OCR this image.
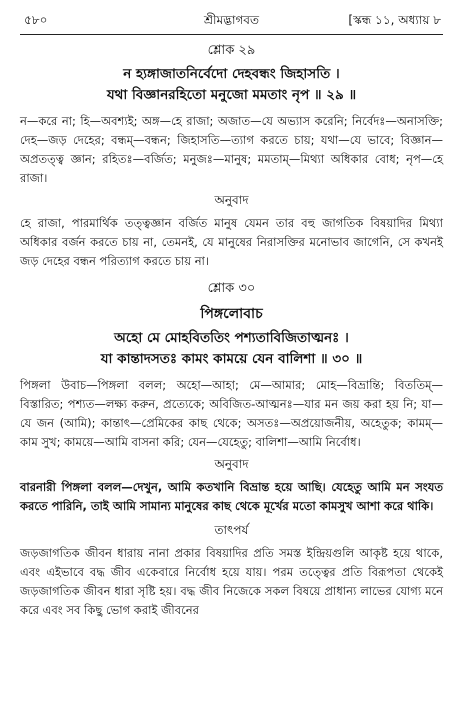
৫৮০	শ্রীমদ্ভাগবত	[স্কন্ধ ১১, অধ্যায় ৮
শ্লোক ২৯
ন হ্যঙ্গাজাতনির্বেদো দেহবন্ধং জিহাসতি ।
যথা বিজ্ঞানরহিতো মনুজো মমতাং নৃপ ॥ ২৯ ॥
ন—করে না; হি—অবশ্যই; অঙ্গ—হে রাজা; অজাত—যে অভ্যাস করেনি; নির্বেদঃ—অনাসক্তি; দেহ—জড় দেহের; বন্ধম্—বন্ধন; জিহাসতি—ত্যাগ করতে চায়; যথা—যে ভাবে; বিজ্ঞান—অপ্রতত্ত্ব জ্ঞান; রহিতঃ—বর্জিত; মনুজঃ—মানুষ; মমতাম্—মিথ্যা অধিকার বোধ; নৃপ—হে রাজা।
অনুবাদ
হে রাজা, পারমার্থিক তত্ত্বজ্ঞান বর্জিত মানুষ যেমন তার বহু জাগতিক বিষয়াদির মিথ্যা অধিকার বর্জন করতে চায় না, তেমনই, যে মানুষের নিরাসক্তির মনোভাব জাগেনি, সে কখনই জড় দেহের বন্ধন পরিত্যাগ করতে চায় না।
শ্লোক ৩০
পিঙ্গলোবাচ
অহো মে মোহবিততিং পশ্যতাবিজিতাত্মনঃ ।
যা কান্তাদসতঃ কামং কাময়ে যেন বালিশা ॥ ৩০ ॥
পিঙ্গলা উবাচ—পিঙ্গলা বলল; অহো—আহা; মে—আমার; মোহ—বিভ্রান্তি; বিততিম্—বিস্তারিত; পশ্যত—লক্ষ্য করুন, প্রত্যেকে; অবিজিত-আত্মনঃ—যার মন জয় করা হয় নি; যা—যে জন (আমি); কান্তাৎ—প্রেমিকের কাছ থেকে; অসতঃ—অপ্রয়োজনীয়, অহেতুক; কামম্—কাম সুখ; কাময়ে—আমি বাসনা করি; যেন—যেহেতু; বালিশা—আমি নির্বোধ।
অনুবাদ
বারনারী পিঙ্গলা বলল—দেখুন, আমি কতখানি বিভ্রান্ত হয়ে আছি। যেহেতু আমি মন সংযত করতে পারিনি, তাই আমি সামান্য মানুষের কাছ থেকে মূর্খের মতো কামসুখ আশা করে থাকি।
তাৎপর্য
জড়জাগতিক জীবন ধারায় নানা প্রকার বিষয়াদির প্রতি সমস্ত ইন্দ্রিয়গুলি আকৃষ্ট হয়ে থাকে, এবং এইভাবে বদ্ধ জীব একেবারে নির্বোধ হয়ে যায়। পরম তত্ত্বের প্রতি বিরূপতা থেকেই জড়জাগতিক জীবন ধারা সৃষ্টি হয়। বদ্ধ জীব নিজেকে সকল বিষয়ে প্রাধান্য লাভের যোগ্য মনে করে এবং সব কিছু ভোগ করাই জীবনের
